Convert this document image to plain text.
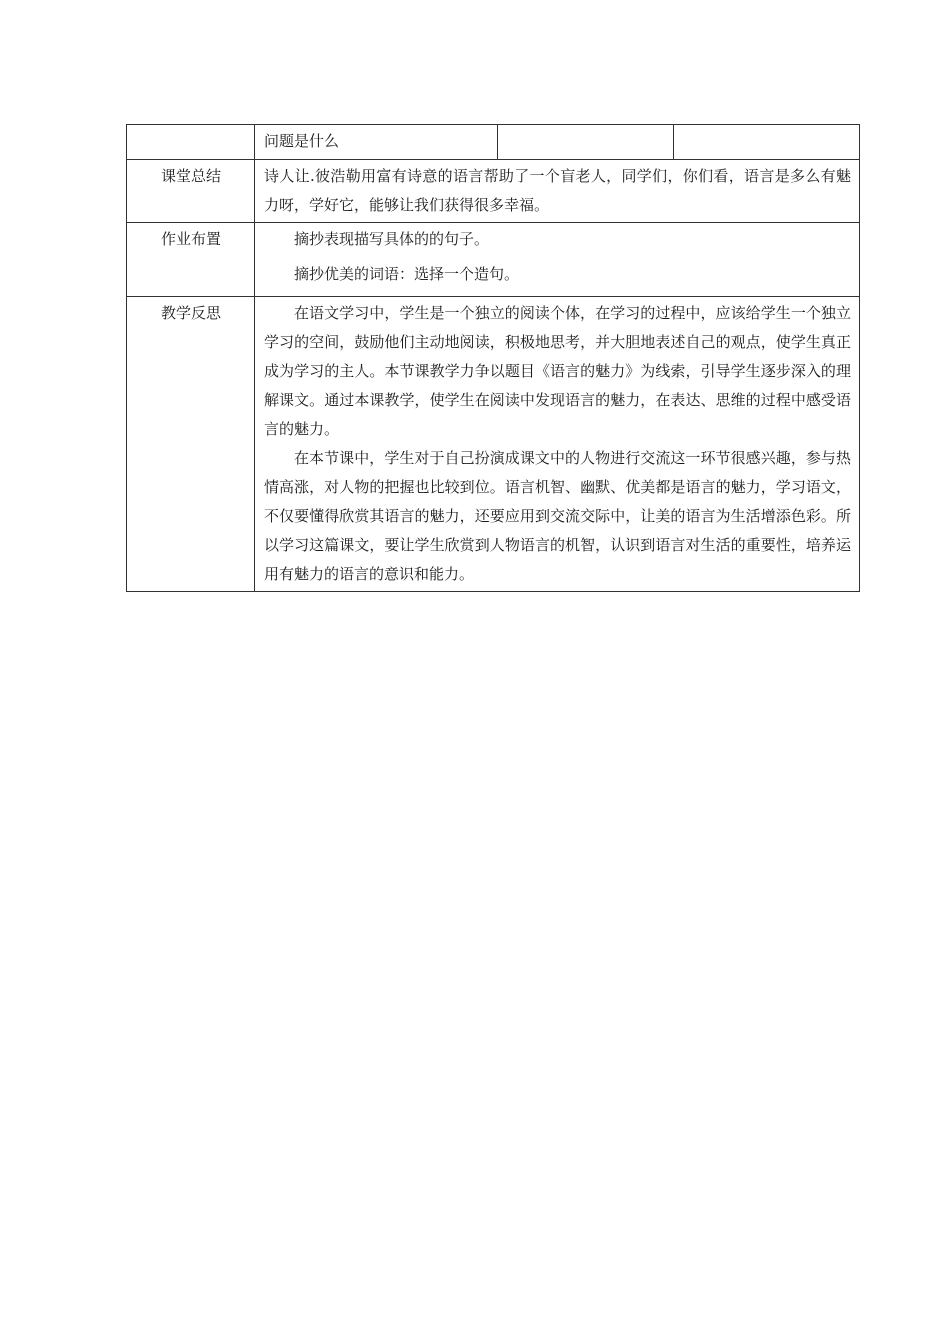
	问题是什么		
课堂总结	诗人让.彼浩勒用富有诗意的语言帮助了一个盲老人，同学们，你们看，语言是多么有魅力呀，学好它，能够让我们获得很多幸福。		

作业布置	摘抄表现描写具体的的句子。

摘抄优美的词语：选择一个造句。		

教学反思	在语文学习中，学生是一个独立的阅读个体，在学习的过程中，应该给学生一个独立学习的空间，鼓励他们主动地阅读，积极地思考，并大胆地表述自己的观点，使学生真正成为学习的主人。本节课教学力争以题目《语言的魅力》为线索，引导学生逐步深入的理解课文。通过本课教学，使学生在阅读中发现语言的魅力，在表达、思维的过程中感受语言的魅力。

在本节课中，学生对于自己扮演成课文中的人物进行交流这一环节很感兴趣，参与热情高涨，对人物的把握也比较到位。语言机智、幽默、优美都是语言的魅力，学习语文，不仅要懂得欣赏其语言的魅力，还要应用到交流交际中，让美的语言为生活增添色彩。所以学习这篇课文，要让学生欣赏到人物语言的机智，认识到语言对生活的重要性，培养运用有魅力的语言的意识和能力。		
